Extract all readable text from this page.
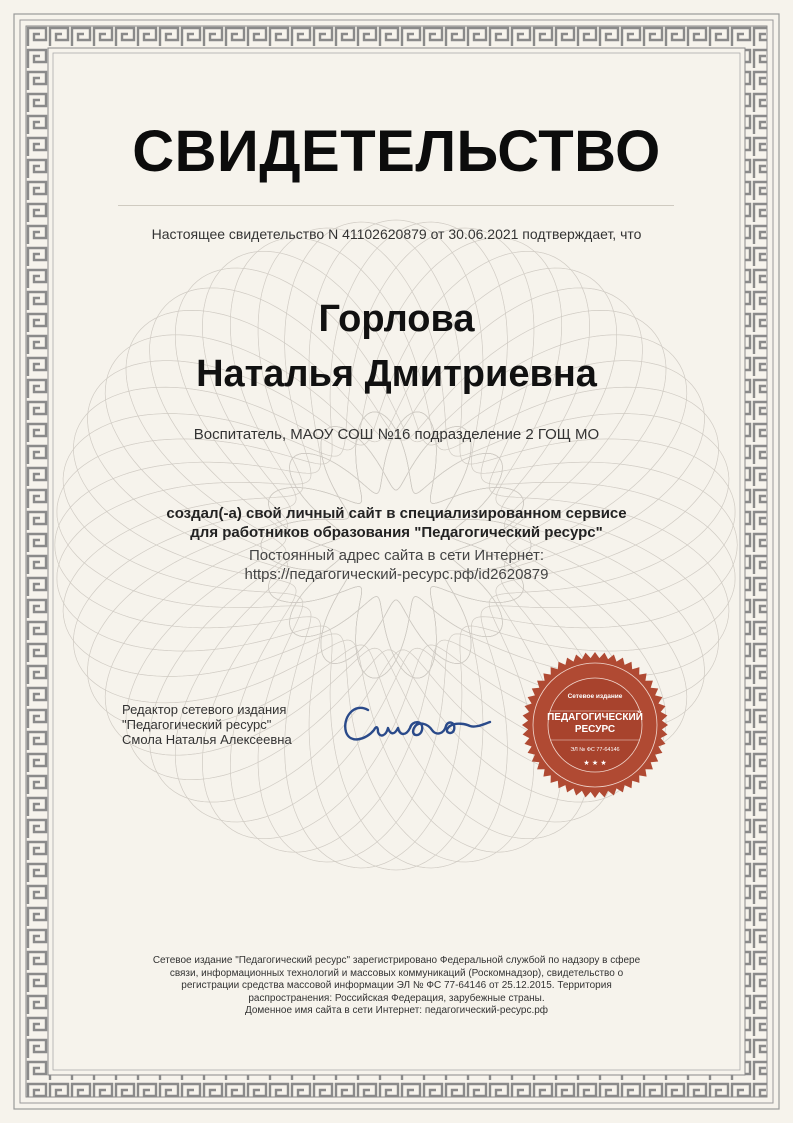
СВИДЕТЕЛЬСТВО
Настоящее свидетельство N 41102620879 от 30.06.2021 подтверждает, что
Горлова
Наталья Дмитриевна
Воспитатель, МАОУ СОШ №16 подразделение 2 ГОЩ МО
создал(-а) свой личный сайт в специализированном сервисе
для работников образования "Педагогический ресурс"
Постоянный адрес сайта в сети Интернет:
https://педагогический-ресурс.рф/id2620879
Редактор сетевого издания
"Педагогический ресурс"
Смола Наталья Алексеевна
Сетевое издание
ПЕДАГОГИЧЕСКИЙ
РЕСУРС
ЭЛ № ФС 77-64146
★ ★ ★
Сетевое издание "Педагогический ресурс" зарегистрировано Федеральной службой по надзору в сфере
связи, информационных технологий и массовых коммуникаций (Роскомнадзор), свидетельство о
регистрации средства массовой информации ЭЛ № ФС 77-64146 от 25.12.2015. Территория
распространения: Российская Федерация, зарубежные страны.
Доменное имя сайта в сети Интернет: педагогический-ресурс.рф
